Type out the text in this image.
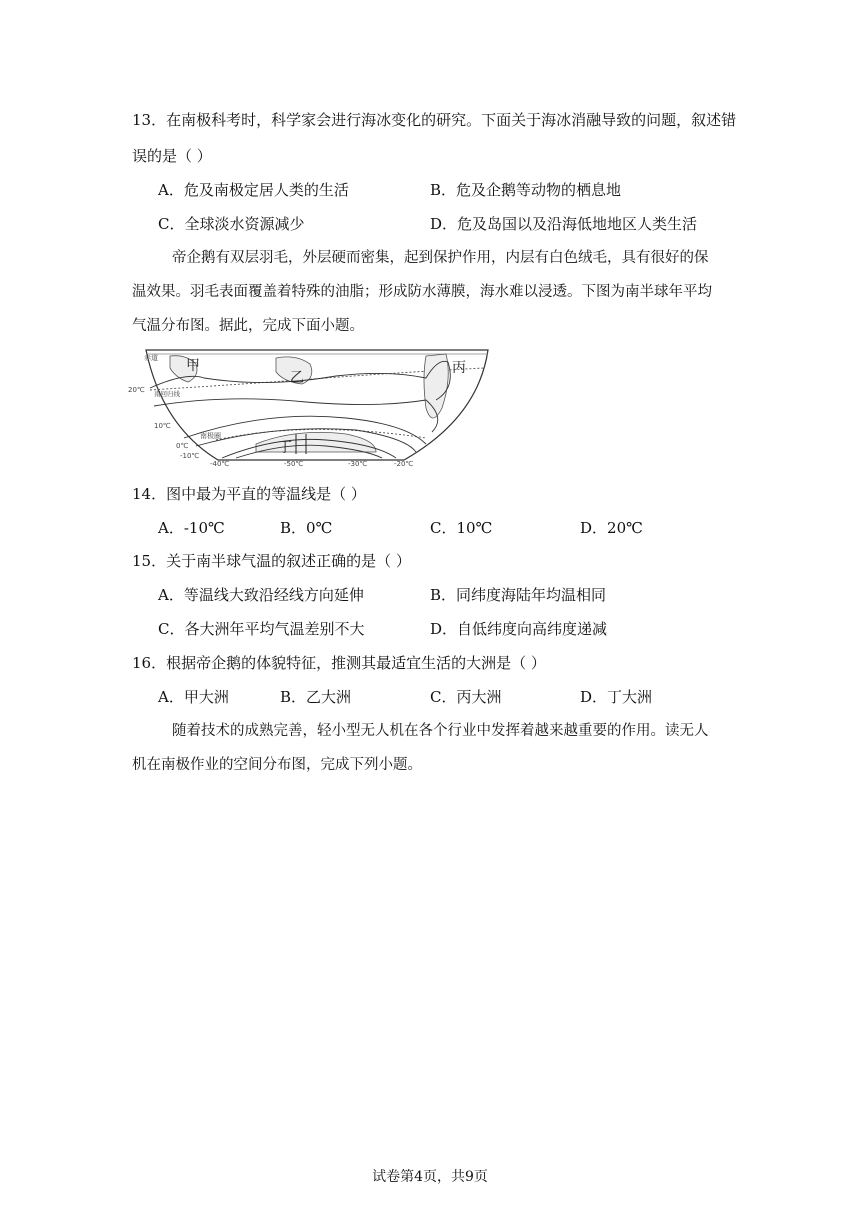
13．在南极科考时，科学家会进行海冰变化的研究。下面关于海冰消融导致的问题，叙述错
误的是（ ）
A．危及南极定居人类的生活	B．危及企鹅等动物的栖息地
C．全球淡水资源减少	D．危及岛国以及沿海低地地区人类生活
帝企鹅有双层羽毛，外层硬而密集，起到保护作用，内层有白色绒毛，具有很好的保
温效果。羽毛表面覆盖着特殊的油脂；形成防水薄膜，海水难以浸透。下图为南半球年平均
气温分布图。据此，完成下面小题。
赤道 甲
乙
丙
丁
20℃ 南回归线
10℃
南极圈
0℃
-10℃
-40℃	-50℃	-30℃	-20℃
14．图中最为平直的等温线是（ ）
A．-10℃	B．0℃	C．10℃	D．20℃
15．关于南半球气温的叙述正确的是（ ）
A．等温线大致沿经线方向延伸	B．同纬度海陆年均温相同
C．各大洲年平均气温差别不大	D．自低纬度向高纬度递减
16．根据帝企鹅的体貌特征，推测其最适宜生活的大洲是（ ）
A．甲大洲	B．乙大洲	C．丙大洲	D．丁大洲
随着技术的成熟完善，轻小型无人机在各个行业中发挥着越来越重要的作用。读无人
机在南极作业的空间分布图，完成下列小题。
试卷第4页，共9页
